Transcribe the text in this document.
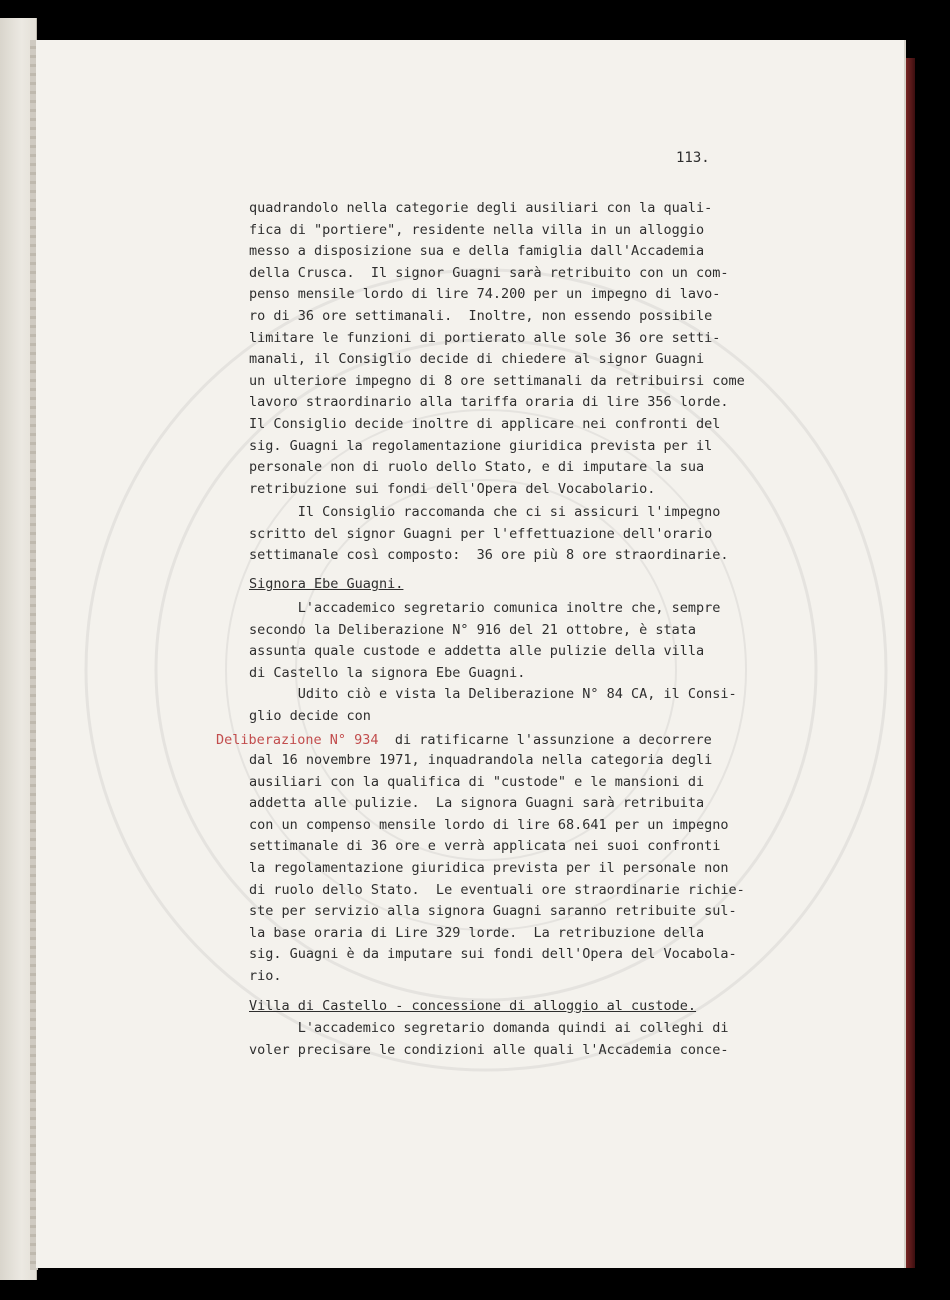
113.
quadrandolo nella categorie degli ausiliari con la quali-
fica di "portiere", residente nella villa in un alloggio
messo a disposizione sua e della famiglia dall'Accademia
della Crusca.  Il signor Guagni sarà retribuito con un com-
penso mensile lordo di lire 74.200 per un impegno di lavo-
ro di 36 ore settimanali.  Inoltre, non essendo possibile
limitare le funzioni di portierato alle sole 36 ore setti-
manali, il Consiglio decide di chiedere al signor Guagni
un ulteriore impegno di 8 ore settimanali da retribuirsi come
lavoro straordinario alla tariffa oraria di lire 356 lorde.
Il Consiglio decide inoltre di applicare nei confronti del
sig. Guagni la regolamentazione giuridica prevista per il
personale non di ruolo dello Stato, e di imputare la sua
retribuzione sui fondi dell'Opera del Vocabolario.
Il Consiglio raccomanda che ci si assicuri l'impegno
scritto del signor Guagni per l'effettuazione dell'orario
settimanale così composto:  36 ore più 8 ore straordinarie.
Signora Ebe Guagni.
L'accademico segretario comunica inoltre che, sempre
secondo la Deliberazione N° 916 del 21 ottobre, è stata
assunta quale custode e addetta alle pulizie della villa
di Castello la signora Ebe Guagni.
Udito ciò e vista la Deliberazione N° 84 CA, il Consi-
glio decide con
Deliberazione N° 934  di ratificarne l'assunzione a decorrere
dal 16 novembre 1971, inquadrandola nella categoria degli
ausiliari con la qualifica di "custode" e le mansioni di
addetta alle pulizie.  La signora Guagni sarà retribuita
con un compenso mensile lordo di lire 68.641 per un impegno
settimanale di 36 ore e verrà applicata nei suoi confronti
la regolamentazione giuridica prevista per il personale non
di ruolo dello Stato.  Le eventuali ore straordinarie richie-
ste per servizio alla signora Guagni saranno retribuite sul-
la base oraria di Lire 329 lorde.  La retribuzione della
sig. Guagni è da imputare sui fondi dell'Opera del Vocabola-
rio.
Villa di Castello - concessione di alloggio al custode.
L'accademico segretario domanda quindi ai colleghi di
voler precisare le condizioni alle quali l'Accademia conce-
